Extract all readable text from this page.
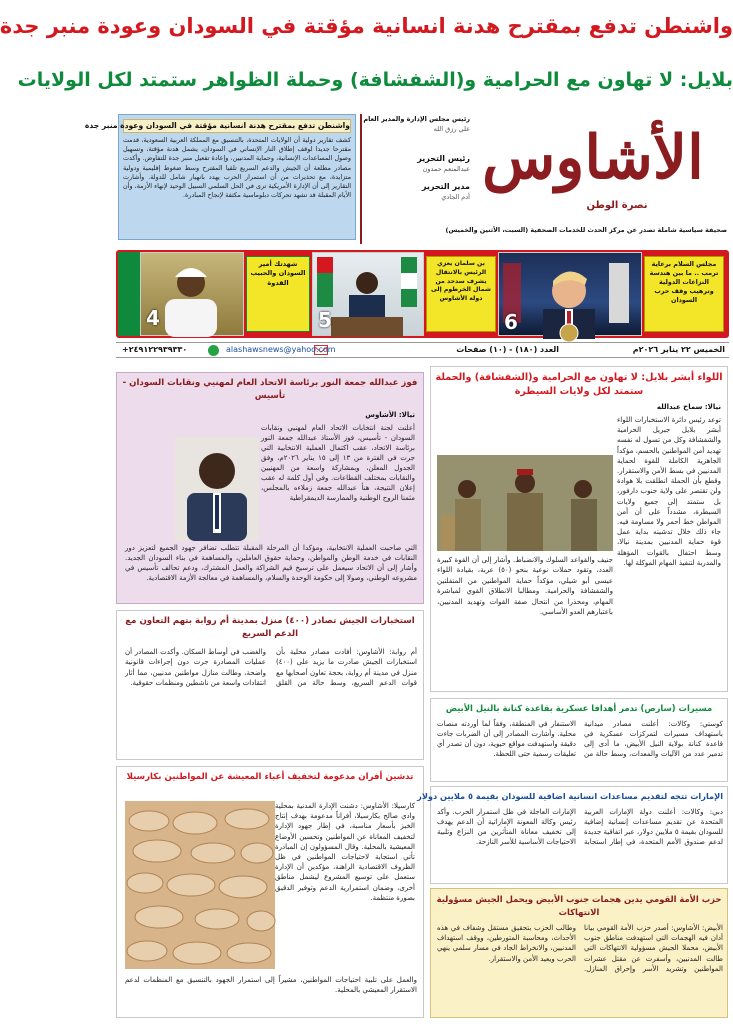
واشنطن تدفع بمقترح هدنة انسانية مؤقتة في السودان وعودة منبر جدة
بلايل: لا تهاون مع الحرامية و(الشفشافة) وحملة الظواهر ستمتد لكل الولايات
الأشاوس
نصرة الوطن
صحيفة سياسية شاملة تصدر عن مركز الحدث للخدمات الصحفية (السبت، الأثنين والخميس)
رئيس مجلس الإدارة والمدير العام
علي رزق الله
رئيس التحرير
عبدالمنعم حمدون
مدير التحرير
أدم الجادي
واشنطن تدفع بمقترح هدنة انسانية مؤقتة في السودان وعودة منبر جدة
كشف تقارير دولية أن الولايات المتحدة، بالتنسيق مع المملكة العربية السعودية، قدمت مقترحا جديدا لوقف إطلاق النار الإنساني في السودان، يشمل هدنة مؤقتة، وتسهيل وصول المساعدات الإنسانية، وحماية المدنيين، وإعادة تفعيل منبر جدة للتفاوض. وأكدت مصادر مطلعة أن الجيش والدعم السريع تلقيا المقترح وسط ضغوط إقليمية ودولية متزايدة، مع تحذيرات من أن استمرار الحرب يهدد بانهيار شامل للدولة. وأشارت التقارير إلى أن الإدارة الأمريكية ترى في الحل السلمي السبيل الوحيد لإنهاء الأزمة، وأن الأيام المقبلة قد تشهد تحركات دبلوماسية مكثفة لإنجاح المبادرة.
مجلس السلام برعاية ترمب .. ما بين هندسة النزاعات الدولية وترهيب وقف حرب السودان
6
بن سلمان يعزي الرئيس بالانتقال يشرف سدحد من شمال الخرطوم إلى دولة الأشاوس
5
شهدتك أمير السودان والحبيب القدوة
4
الخميس ٢٢ يناير ٢٠٢٦م
العدد (١٨٠) - (١٠) صفحات
alashawsnews@yahoo.com
+٢٤٩١٢٢٩٣٩٣٣٠
اللواء أبشر بلايل: لا تهاون مع الحرامية و(الشفشافة) والحملة ستمتد لكل ولايات السيطرة
نيالا: سماح عبدالله
توعد رئيس دائرة الاستخبارات اللواء أبشر بلايل جبريل الحرامية والشفشافة وكل من تسول له نفسه تهديد أمن المواطنين بالحسم، مؤكداً الجاهزية الكاملة للقوة لحماية المدنيين في بسط الأمن والاستقرار. وقطع بأن الحملة انطلقت بلا هوادة ولن تقتصر على ولاية جنوب دارفور، بل ستمتد إلى جميع ولايات السيطرة، مشدداً على أن أمن المواطن خط أحمر ولا مساومة فيه. جاء ذلك خلال تدشينه بداية عمل قوة حماية المدنيين بمدينة نيالا، وسط احتفال بالقوات المؤهلة والمدربة لتنفيذ المهام الموكلة لها.
جنيف والقواعد السلوك والانضباط. وأشار إلى أن القوة كبيرة العدد، وتقود حملات نوعية بنحو (٥٠) عربة، بقيادة اللواء عيسى أبو شيلي، مؤكداً حماية المواطنين من المتفلتين والشفشافة والحرامية. ومطالبا الانطلاق القوي لمباشرة المهام، ومحذرا من انتحال صفة القوات وتهديد المدنيين، باعتبارهم العدو الأساسي.
فوز عبدالله جمعة النور برئاسة الاتحاد العام لمهنيي ونقابات السودان - تأسيس
نيالا: الأشاوس
أعلنت لجنة انتخابات الاتحاد العام لمهنيي ونقابات السودان - تأسيس، فوز الأستاذ عبدالله جمعة النور برئاسة الاتحاد، عقب اكتمال العملية الانتخابية التي جرت في الفترة من ١٣ إلى ١٥ يناير ٢٠٢٦م، وفق الجدول المعلن، وبمشاركة واسعة من المهنيين والنقابات بمختلف القطاعات. وفي أول كلمة له عقب إعلان النتيجة، هنأ عبدالله جمعة زملاءه بالمجلس، مثمنا الروح الوطنية والممارسة الديمقراطية
التي صاحبت العملية الانتخابية، ومؤكدا أن المرحلة المقبلة تتطلب تضافر جهود الجميع لتعزيز دور النقابات في خدمة الوطن والمواطن، وحماية حقوق العاملين، والمساهمة في بناء السودان الجديد. وأشار إلى أن الاتحاد سيعمل على ترسيخ قيم الشراكة والعمل المشترك، ودعم تحالف تأسيس في مشروعه الوطني، وصولا إلى حكومة الوحدة والسلام، والمساهمة في معالجة الأزمة الاقتصادية.
استخبارات الجيش تصادر (٤٠٠) منزل بمدينة أم روابة بتهم التعاون مع الدعم السريع
أم روابة: الأشاوس: أفادت مصادر محلية بأن استخبارات الجيش صادرت ما يزيد على (٤٠٠) منزل في مدينة أم روابة، بحجة تعاون أصحابها مع قوات الدعم السريع، وسط حالة من القلق والغضب في أوساط السكان. وأكدت المصادر أن عمليات المصادرة جرت دون إجراءات قانونية واضحة، وطالت منازل مواطنين مدنيين، مما أثار انتقادات واسعة من ناشطين ومنظمات حقوقية.
تدشين أفران مدعومة لتخفيف أعباء المعيشة عن المواطنين بكارسيلا
كارسيلا: الأشاوس: دشنت الإدارة المدنية بمحلية وادي صالح بكارسيلا، أفراناً مدعومة بهدف إنتاج الخبز بأسعار مناسبة، في إطار جهود الإدارة لتخفيف المعاناة عن المواطنين وتحسين الأوضاع المعيشية بالمحلية. وقال المسؤولون إن المبادرة تأتي استجابة لاحتياجات المواطنين في ظل الظروف الاقتصادية الراهنة، مؤكدين أن الإدارة ستعمل على توسيع المشروع ليشمل مناطق أخرى، وضمان استمرارية الدعم وتوفير الدقيق بصورة منتظمة.
والعمل على تلبية احتياجات المواطنين، مشيراً إلى استمرار الجهود بالتنسيق مع المنظمات لدعم الاستقرار المعيشي بالمحلية.
مسيرات (سارص) تدمر أهدافا عسكرية بقاعدة كنانة بالنيل الأبيض
كوستي: وكالات: أعلنت مصادر ميدانية باستهداف مسيرات لتمركزات عسكرية في قاعدة كنانة بولاية النيل الأبيض، ما أدى إلى تدمير عدد من الآليات والمعدات، وسط حالة من الاستنفار في المنطقة، وفقاً لما أوردته منصات محلية. وأشارت المصادر إلى أن الضربات جاءت دقيقة واستهدفت مواقع حيوية، دون أن تصدر أي تعليقات رسمية حتى اللحظة.
الإمارات تتجه لتقديم مساعدات انسانية اضافية للسودان بقيمة ٥ ملايين دولار
دبي: وكالات: أعلنت دولة الإمارات العربية المتحدة عن تقديم مساعدات إنسانية إضافية للسودان بقيمة ٥ ملايين دولار، عبر اتفاقية جديدة لدعم صندوق الأمم المتحدة، في إطار استجابة الإمارات العاجلة في ظل استمرار الحرب. وأكد رئيس وكالة المعونة الإماراتية أن الدعم يهدف إلى تخفيف معاناة المتأثرين من النزاع وتلبية الاحتياجات الأساسية للأسر النازحة.
حزب الأمة القومي يدين هجمات جنوب الأبيض ويحمل الجيش مسؤولية الانتهاكات
الأبيض: الأشاوس: أصدر حزب الأمة القومي بيانا أدان فيه الهجمات التي استهدفت مناطق جنوب الأبيض، محملا الجيش مسؤولية الانتهاكات التي طالت المدنيين، وأسفرت عن مقتل عشرات المواطنين وتشريد الأسر وإحراق المنازل. وطالب الحزب بتحقيق مستقل وشفاف في هذه الأحداث، ومحاسبة المتورطين، ووقف استهداف المدنيين، والانخراط الجاد في مسار سلمي ينهي الحرب ويعيد الأمن والاستقرار.
